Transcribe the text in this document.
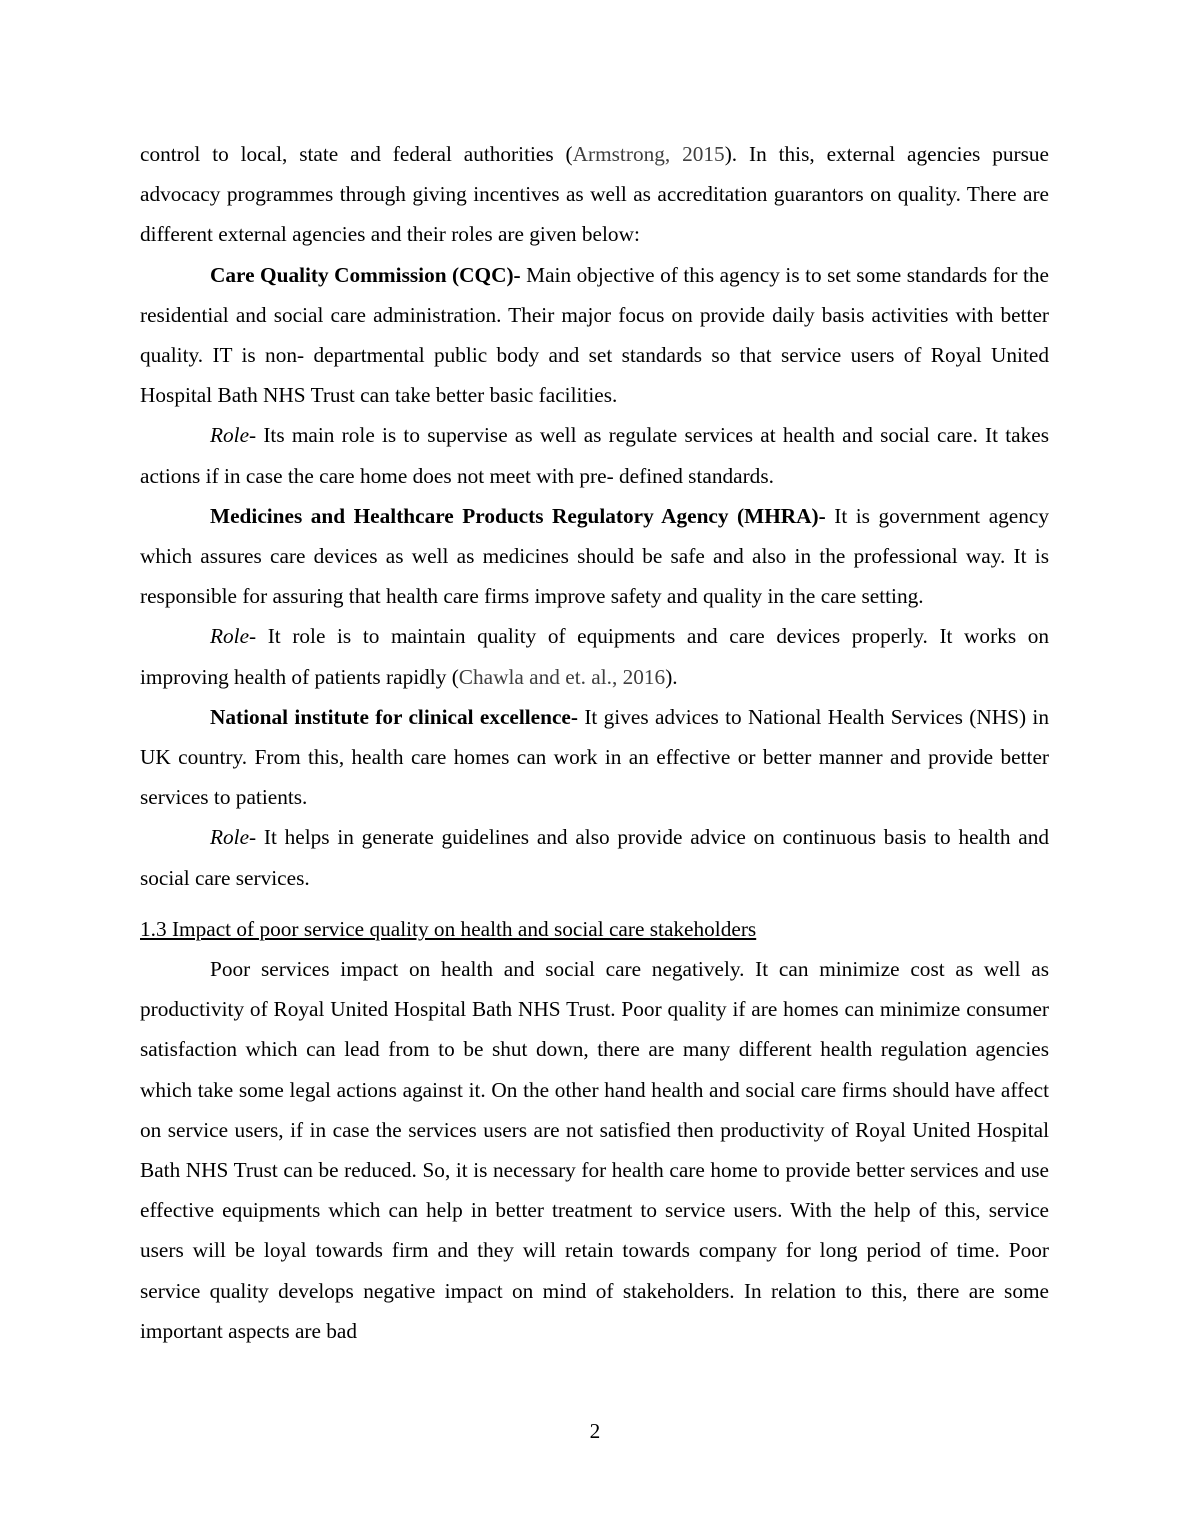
control to local, state and federal authorities (Armstrong, 2015). In this, external agencies pursue advocacy programmes through giving incentives as well as accreditation guarantors on quality. There are different external agencies and their roles are given below:

Care Quality Commission (CQC)- Main objective of this agency is to set some standards for the residential and social care administration. Their major focus on provide daily basis activities with better quality. IT is non- departmental public body and set standards so that service users of Royal United Hospital Bath NHS Trust can take better basic facilities.

Role- Its main role is to supervise as well as regulate services at health and social care. It takes actions if in case the care home does not meet with pre- defined standards.

Medicines and Healthcare Products Regulatory Agency (MHRA)- It is government agency which assures care devices as well as medicines should be safe and also in the professional way. It is responsible for assuring that health care firms improve safety and quality in the care setting.

Role- It role is to maintain quality of equipments and care devices properly. It works on improving health of patients rapidly (Chawla and et. al., 2016).

National institute for clinical excellence- It gives advices to National Health Services (NHS) in UK country. From this, health care homes can work in an effective or better manner and provide better services to patients.

Role- It helps in generate guidelines and also provide advice on continuous basis to health and social care services.

1.3 Impact of poor service quality on health and social care stakeholders

Poor services impact on health and social care negatively. It can minimize cost as well as productivity of Royal United Hospital Bath NHS Trust. Poor quality if are homes can minimize consumer satisfaction which can lead from to be shut down, there are many different health regulation agencies which take some legal actions against it. On the other hand health and social care firms should have affect on service users, if in case the services users are not satisfied then productivity of Royal United Hospital Bath NHS Trust can be reduced. So, it is necessary for health care home to provide better services and use effective equipments which can help in better treatment to service users. With the help of this, service users will be loyal towards firm and they will retain towards company for long period of time. Poor service quality develops negative impact on mind of stakeholders. In relation to this, there are some important aspects are bad

2
